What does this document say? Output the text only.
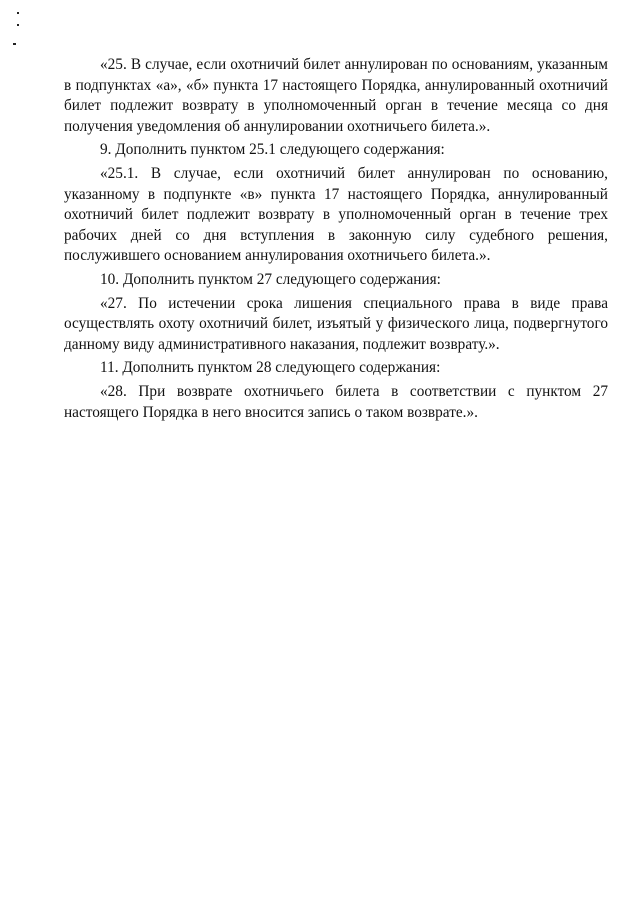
«25. В случае, если охотничий билет аннулирован по основаниям, указанным в подпунктах «а», «б» пункта 17 настоящего Порядка, аннулированный охотничий билет подлежит возврату в уполномоченный орган в течение месяца со дня получения уведомления об аннулировании охотничьего билета.».

9. Дополнить пунктом 25.1 следующего содержания:

«25.1. В случае, если охотничий билет аннулирован по основанию, указанному в подпункте «в» пункта 17 настоящего Порядка, аннулированный охотничий билет подлежит возврату в уполномоченный орган в течение трех рабочих дней со дня вступления в законную силу судебного решения, послужившего основанием аннулирования охотничьего билета.».

10. Дополнить пунктом 27 следующего содержания:

«27. По истечении срока лишения специального права в виде права осуществлять охоту охотничий билет, изъятый у физического лица, подвергнутого данному виду административного наказания, подлежит возврату.».

11. Дополнить пунктом 28 следующего содержания:

«28. При возврате охотничьего билета в соответствии с пунктом 27 настоящего Порядка в него вносится запись о таком возврате.».
